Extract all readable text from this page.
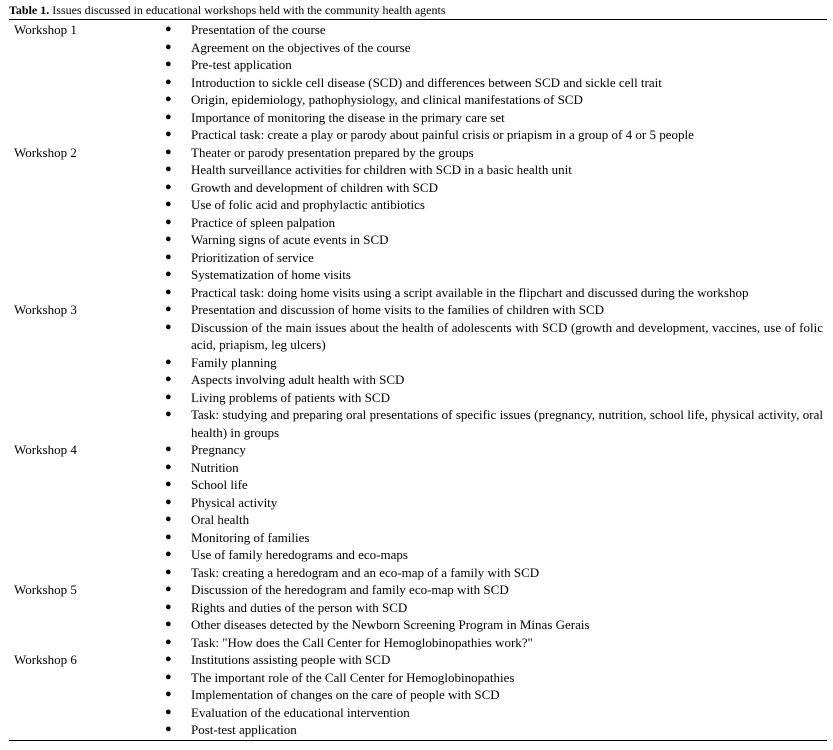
Table 1. Issues discussed in educational workshops held with the community health agents
Workshop 1	● Presentation of the course
● Agreement on the objectives of the course
● Pre-test application
● Introduction to sickle cell disease (SCD) and differences between SCD and sickle cell trait
● Origin, epidemiology, pathophysiology, and clinical manifestations of SCD
● Importance of monitoring the disease in the primary care set
● Practical task: create a play or parody about painful crisis or priapism in a group of 4 or 5 people
Workshop 2	● Theater or parody presentation prepared by the groups
● Health surveillance activities for children with SCD in a basic health unit
● Growth and development of children with SCD
● Use of folic acid and prophylactic antibiotics
● Practice of spleen palpation
● Warning signs of acute events in SCD
● Prioritization of service
● Systematization of home visits
● Practical task: doing home visits using a script available in the flipchart and discussed during the workshop
Workshop 3	● Presentation and discussion of home visits to the families of children with SCD
● Discussion of the main issues about the health of adolescents with SCD (growth and development, vaccines, use of folic acid, priapism, leg ulcers)
● Family planning
● Aspects involving adult health with SCD
● Living problems of patients with SCD
● Task: studying and preparing oral presentations of specific issues (pregnancy, nutrition, school life, physical activity, oral health) in groups
Workshop 4	● Pregnancy
● Nutrition
● School life
● Physical activity
● Oral health
● Monitoring of families
● Use of family heredograms and eco-maps
● Task: creating a heredogram and an eco-map of a family with SCD
Workshop 5	● Discussion of the heredogram and family eco-map with SCD
● Rights and duties of the person with SCD
● Other diseases detected by the Newborn Screening Program in Minas Gerais
● Task: "How does the Call Center for Hemoglobinopathies work?"
Workshop 6	● Institutions assisting people with SCD
● The important role of the Call Center for Hemoglobinopathies
● Implementation of changes on the care of people with SCD
● Evaluation of the educational intervention
● Post-test application
